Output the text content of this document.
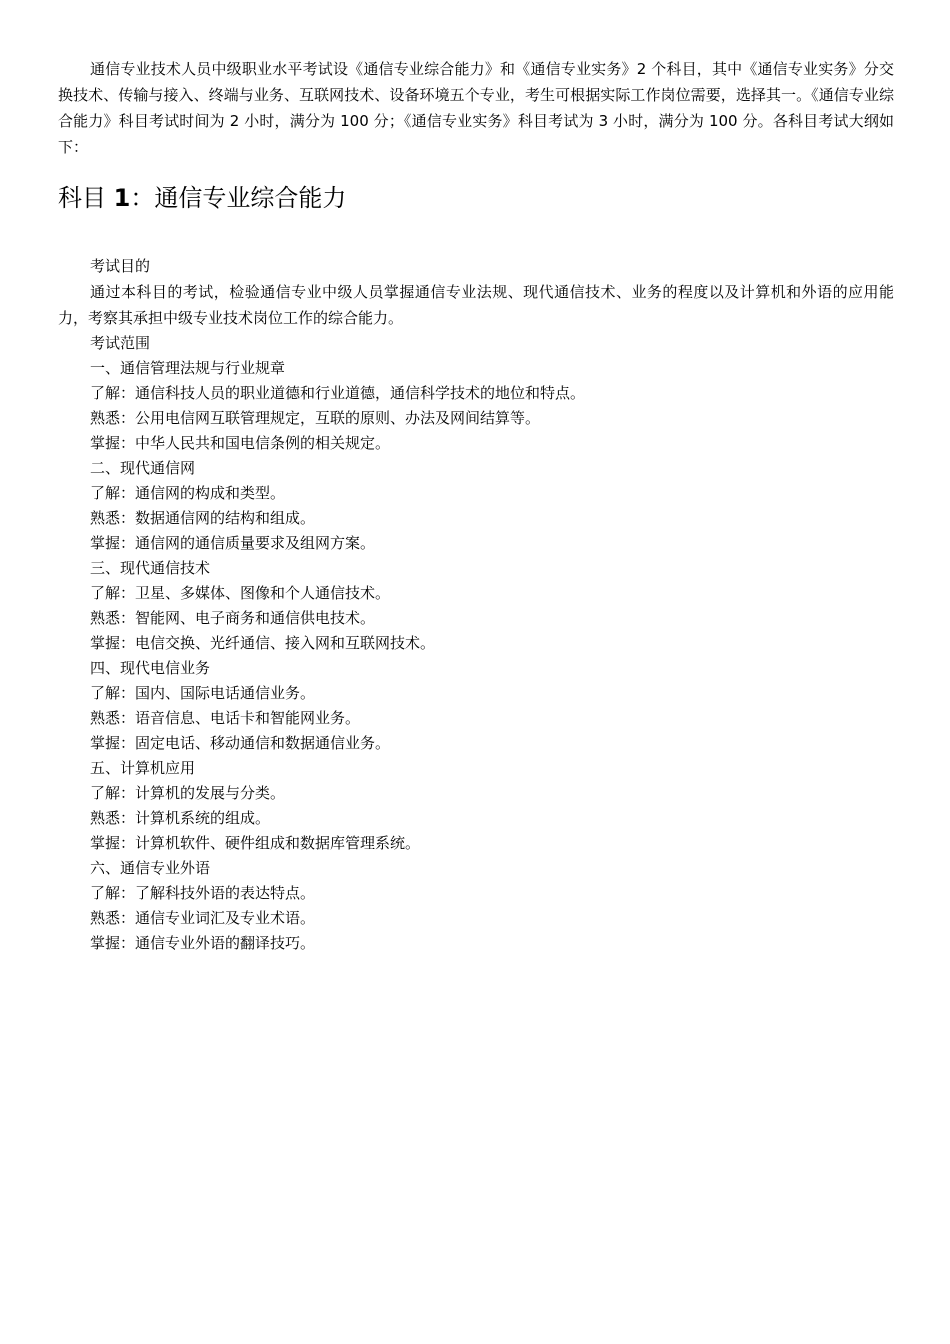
通信专业技术人员中级职业水平考试设《通信专业综合能力》和《通信专业实务》2 个科目，其中《通信专业实务》分交换技术、传输与接入、终端与业务、互联网技术、设备环境五个专业，考生可根据实际工作岗位需要，选择其一。《通信专业综合能力》科目考试时间为 2 小时，满分为 100 分；《通信专业实务》科目考试为 3 小时，满分为 100 分。各科目考试大纲如下：

科目 1：通信专业综合能力

考试目的

通过本科目的考试，检验通信专业中级人员掌握通信专业法规、现代通信技术、业务的程度以及计算机和外语的应用能力，考察其承担中级专业技术岗位工作的综合能力。

考试范围

一、通信管理法规与行业规章

了解：通信科技人员的职业道德和行业道德，通信科学技术的地位和特点。

熟悉：公用电信网互联管理规定，互联的原则、办法及网间结算等。

掌握：中华人民共和国电信条例的相关规定。

二、现代通信网

了解：通信网的构成和类型。

熟悉：数据通信网的结构和组成。

掌握：通信网的通信质量要求及组网方案。

三、现代通信技术

了解：卫星、多媒体、图像和个人通信技术。

熟悉：智能网、电子商务和通信供电技术。

掌握：电信交换、光纤通信、接入网和互联网技术。

四、现代电信业务

了解：国内、国际电话通信业务。

熟悉：语音信息、电话卡和智能网业务。

掌握：固定电话、移动通信和数据通信业务。

五、计算机应用

了解：计算机的发展与分类。

熟悉：计算机系统的组成。

掌握：计算机软件、硬件组成和数据库管理系统。

六、通信专业外语

了解：了解科技外语的表达特点。

熟悉：通信专业词汇及专业术语。

掌握：通信专业外语的翻译技巧。
